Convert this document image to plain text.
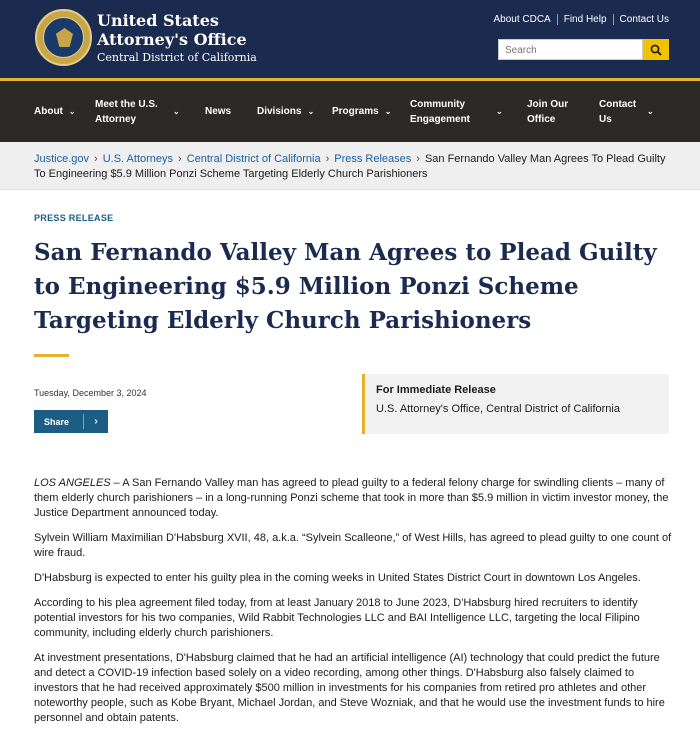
United States
Attorney's Office
Central District of California
About CDCA	Find Help	Contact Us
Search
About ⌄
Meet the U.S. Attorney
⌄	News	Divisions ⌄ Programs ⌄
Community Engagement
⌄
Join Our Office
Contact Us
⌄
Justice.gov › U.S. Attorneys › Central District of California › Press Releases › San Fernando Valley Man Agrees To Plead Guilty To Engineering $5.9 Million Ponzi Scheme Targeting Elderly Church Parishioners
PRESS RELEASE
San Fernando Valley Man Agrees to Plead Guilty to Engineering $5.9 Million Ponzi Scheme Targeting Elderly Church Parishioners
Tuesday, December 3, 2024
Share	›
For Immediate Release
U.S. Attorney's Office, Central District of California

LOS ANGELES – A San Fernando Valley man has agreed to plead guilty to a federal felony charge for swindling clients – many of them elderly church parishioners – in a long-running Ponzi scheme that took in more than $5.9 million in victim investor money, the Justice Department announced today.

Sylvein William Maximilian D'Habsburg XVII, 48, a.k.a. “Sylvein Scalleone,” of West Hills, has agreed to plead guilty to one count of wire fraud.

D'Habsburg is expected to enter his guilty plea in the coming weeks in United States District Court in downtown Los Angeles.

According to his plea agreement filed today, from at least January 2018 to June 2023, D'Habsburg hired recruiters to identify potential investors for his two companies, Wild Rabbit Technologies LLC and BAI Intelligence LLC, targeting the local Filipino community, including elderly church parishioners.

At investment presentations, D'Habsburg claimed that he had an artificial intelligence (AI) technology that could predict the future and detect a COVID-19 infection based solely on a video recording, among other things. D'Habsburg also falsely claimed to investors that he had received approximately $500 million in investments for his companies from retired pro athletes and other noteworthy people, such as Kobe Bryant, Michael Jordan, and Steve Wozniak, and that he would use the investment funds to hire personnel and obtain patents.
